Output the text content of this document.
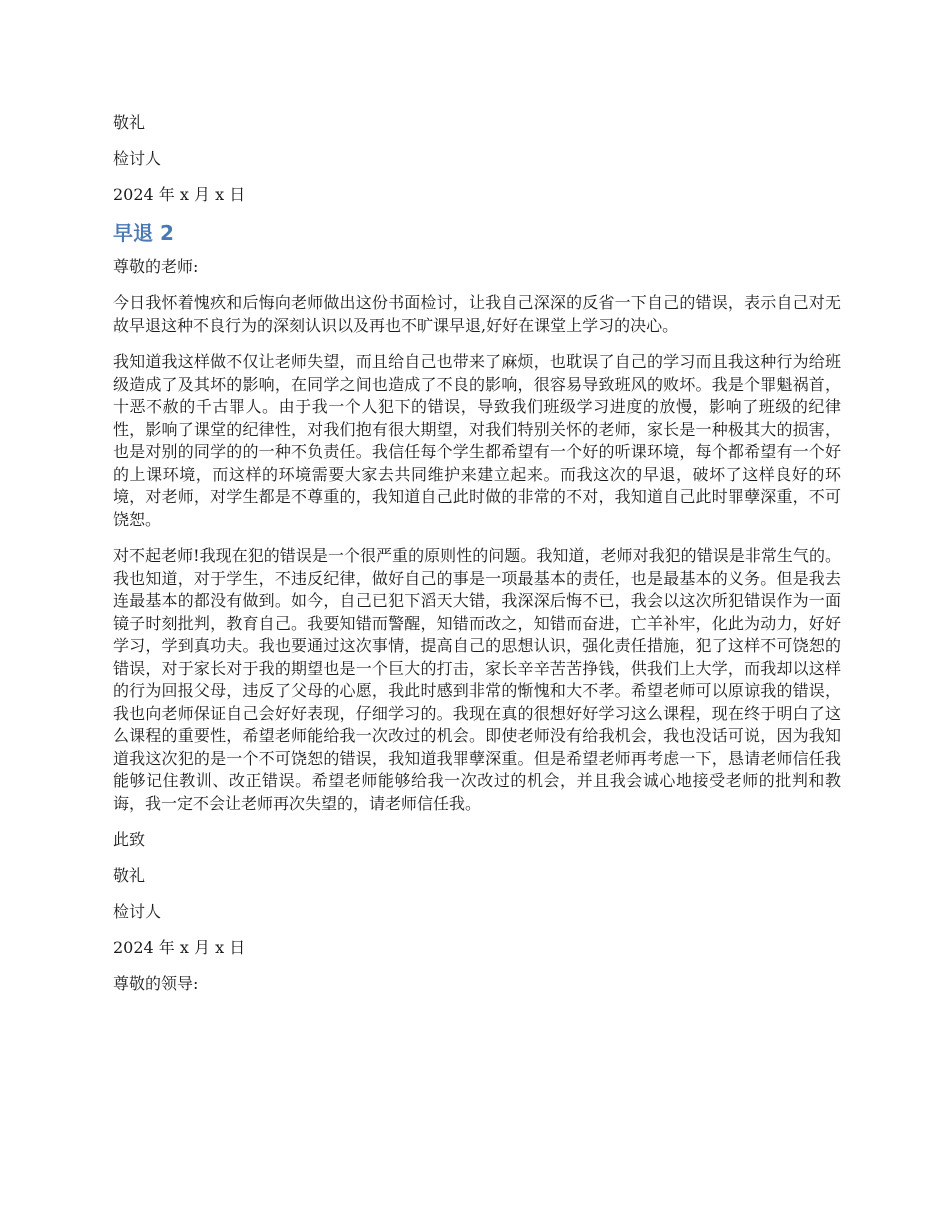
敬礼

检讨人

2024 年 x 月 x 日

早退 2

尊敬的老师:

今日我怀着愧疚和后悔向老师做出这份书面检讨，让我自己深深的反省一下自己的错误，表示自己对无故早退这种不良行为的深刻认识以及再也不旷课早退,好好在课堂上学习的决心。

我知道我这样做不仅让老师失望，而且给自己也带来了麻烦，也耽误了自己的学习而且我这种行为给班级造成了及其坏的影响，在同学之间也造成了不良的影响，很容易导致班风的败坏。我是个罪魁祸首，十恶不赦的千古罪人。由于我一个人犯下的错误，导致我们班级学习进度的放慢，影响了班级的纪律性，影响了课堂的纪律性，对我们抱有很大期望，对我们特别关怀的老师，家长是一种极其大的损害，也是对别的同学的的一种不负责任。我信任每个学生都希望有一个好的听课环境，每个都希望有一个好的上课环境，而这样的环境需要大家去共同维护来建立起来。而我这次的早退，破坏了这样良好的环境，对老师，对学生都是不尊重的，我知道自己此时做的非常的不对，我知道自己此时罪孽深重，不可饶恕。

对不起老师!我现在犯的错误是一个很严重的原则性的问题。我知道，老师对我犯的错误是非常生气的。我也知道，对于学生，不违反纪律，做好自己的事是一项最基本的责任，也是最基本的义务。但是我去连最基本的都没有做到。如今，自己已犯下滔天大错，我深深后悔不已，我会以这次所犯错误作为一面镜子时刻批判，教育自己。我要知错而警醒，知错而改之，知错而奋进，亡羊补牢，化此为动力，好好学习，学到真功夫。我也要通过这次事情，提高自己的思想认识，强化责任措施，犯了这样不可饶恕的错误，对于家长对于我的期望也是一个巨大的打击，家长辛辛苦苦挣钱，供我们上大学，而我却以这样的行为回报父母，违反了父母的心愿，我此时感到非常的惭愧和大不孝。希望老师可以原谅我的错误，我也向老师保证自己会好好表现，仔细学习的。我现在真的很想好好学习这么课程，现在终于明白了这么课程的重要性，希望老师能给我一次改过的机会。即使老师没有给我机会，我也没话可说，因为我知道我这次犯的是一个不可饶恕的错误，我知道我罪孽深重。但是希望老师再考虑一下，恳请老师信任我能够记住教训、改正错误。希望老师能够给我一次改过的机会，并且我会诚心地接受老师的批判和教诲，我一定不会让老师再次失望的，请老师信任我。

此致

敬礼

检讨人

2024 年 x 月 x 日

尊敬的领导:
